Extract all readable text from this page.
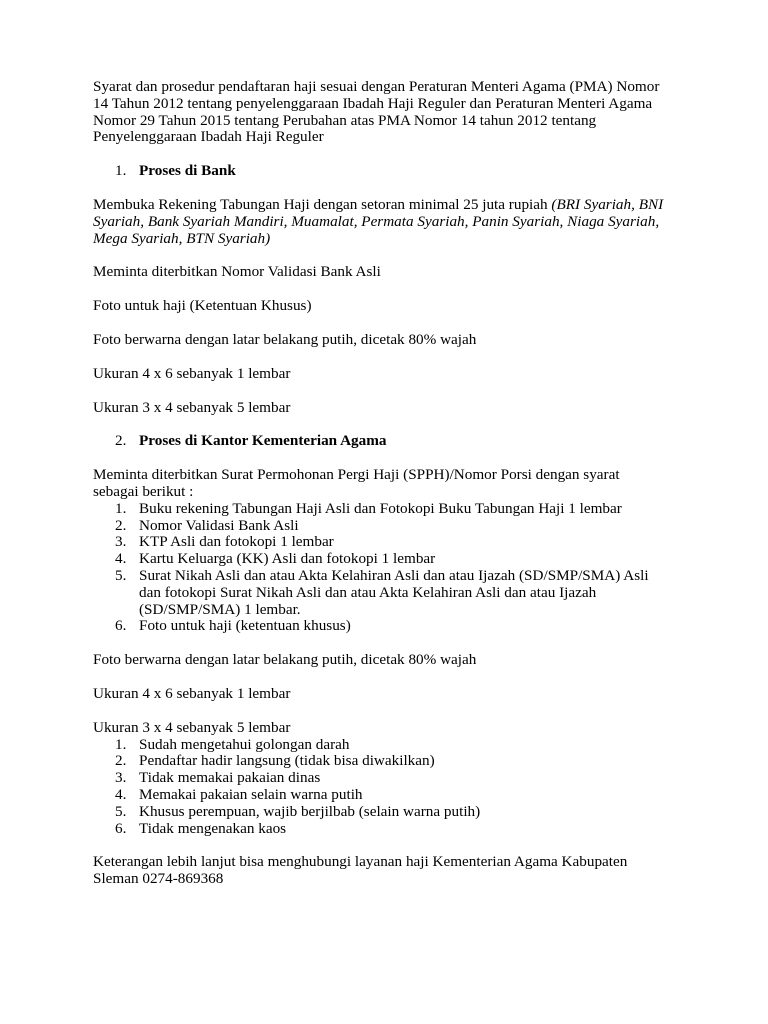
Syarat dan prosedur pendaftaran haji sesuai dengan Peraturan Menteri Agama (PMA) Nomor 14 Tahun 2012 tentang penyelenggaraan Ibadah Haji Reguler dan Peraturan Menteri Agama Nomor 29 Tahun 2015 tentang Perubahan atas PMA Nomor 14 tahun 2012 tentang Penyelenggaraan Ibadah Haji Reguler

1. Proses di Bank

Membuka Rekening Tabungan Haji dengan setoran minimal 25 juta rupiah (BRI Syariah, BNI Syariah, Bank Syariah Mandiri, Muamalat, Permata Syariah, Panin Syariah, Niaga Syariah, Mega Syariah, BTN Syariah)

Meminta diterbitkan Nomor Validasi Bank Asli

Foto untuk haji (Ketentuan Khusus)

Foto berwarna dengan latar belakang putih, dicetak 80% wajah

Ukuran 4 x 6 sebanyak 1 lembar

Ukuran 3 x 4 sebanyak 5 lembar

2. Proses di Kantor Kementerian Agama

Meminta diterbitkan Surat Permohonan Pergi Haji (SPPH)/Nomor Porsi dengan syarat sebagai berikut :

1. Buku rekening Tabungan Haji Asli dan Fotokopi Buku Tabungan Haji 1 lembar
2. Nomor Validasi Bank Asli
3. KTP Asli dan fotokopi 1 lembar
4. Kartu Keluarga (KK) Asli dan fotokopi 1 lembar
5. Surat Nikah Asli dan atau Akta Kelahiran Asli dan atau Ijazah (SD/SMP/SMA) Asli dan fotokopi Surat Nikah Asli dan atau Akta Kelahiran Asli dan atau Ijazah (SD/SMP/SMA) 1 lembar.
6. Foto untuk haji (ketentuan khusus)

Foto berwarna dengan latar belakang putih, dicetak 80% wajah

Ukuran 4 x 6 sebanyak 1 lembar

Ukuran 3 x 4 sebanyak 5 lembar

1. Sudah mengetahui golongan darah
2. Pendaftar hadir langsung (tidak bisa diwakilkan)
3. Tidak memakai pakaian dinas
4. Memakai pakaian selain warna putih
5. Khusus perempuan, wajib berjilbab (selain warna putih)
6. Tidak mengenakan kaos

Keterangan lebih lanjut bisa menghubungi layanan haji Kementerian Agama Kabupaten Sleman 0274-869368
